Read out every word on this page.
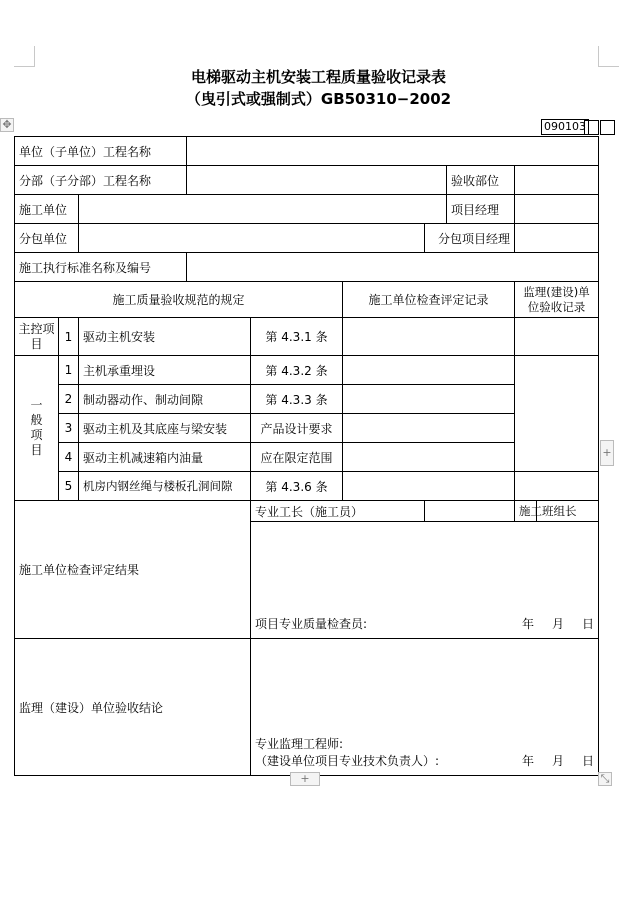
电梯驱动主机安装工程质量验收记录表
（曳引式或强制式）GB50310−2002
✥	090103
单位（子单位）工程名称									
分部（子分部）工程名称							验收部位		
施工单位							项目经理		
分包单位						分包项目经理			
施工执行标准名称及编号									
施工质量验收规范的规定					施工单位检查评定记录			监理(建设)单位验收记录	
主控项目	1	驱动主机安装		第 4.3.1 条					
一般项目	1	主机承重埋设		第 4.3.2 条					
	2	制动器动作、制动间隙		第 4.3.3 条					
	3	驱动主机及其底座与梁安装		产品设计要求					
	4	驱动主机减速箱内油量		应在限定范围					
	5	机房内钢丝绳与楼板孔洞间隙		第 4.3.6 条					
施工单位检查评定结果				专业工长（施工员）				施工班组长	

				项目专业质量检查员: 年 月 日					

监理（建设）单位验收结论				专业监理工程师:
（建设单位项目专业技术负责人）: 年 月 日					
+
+	⤡
